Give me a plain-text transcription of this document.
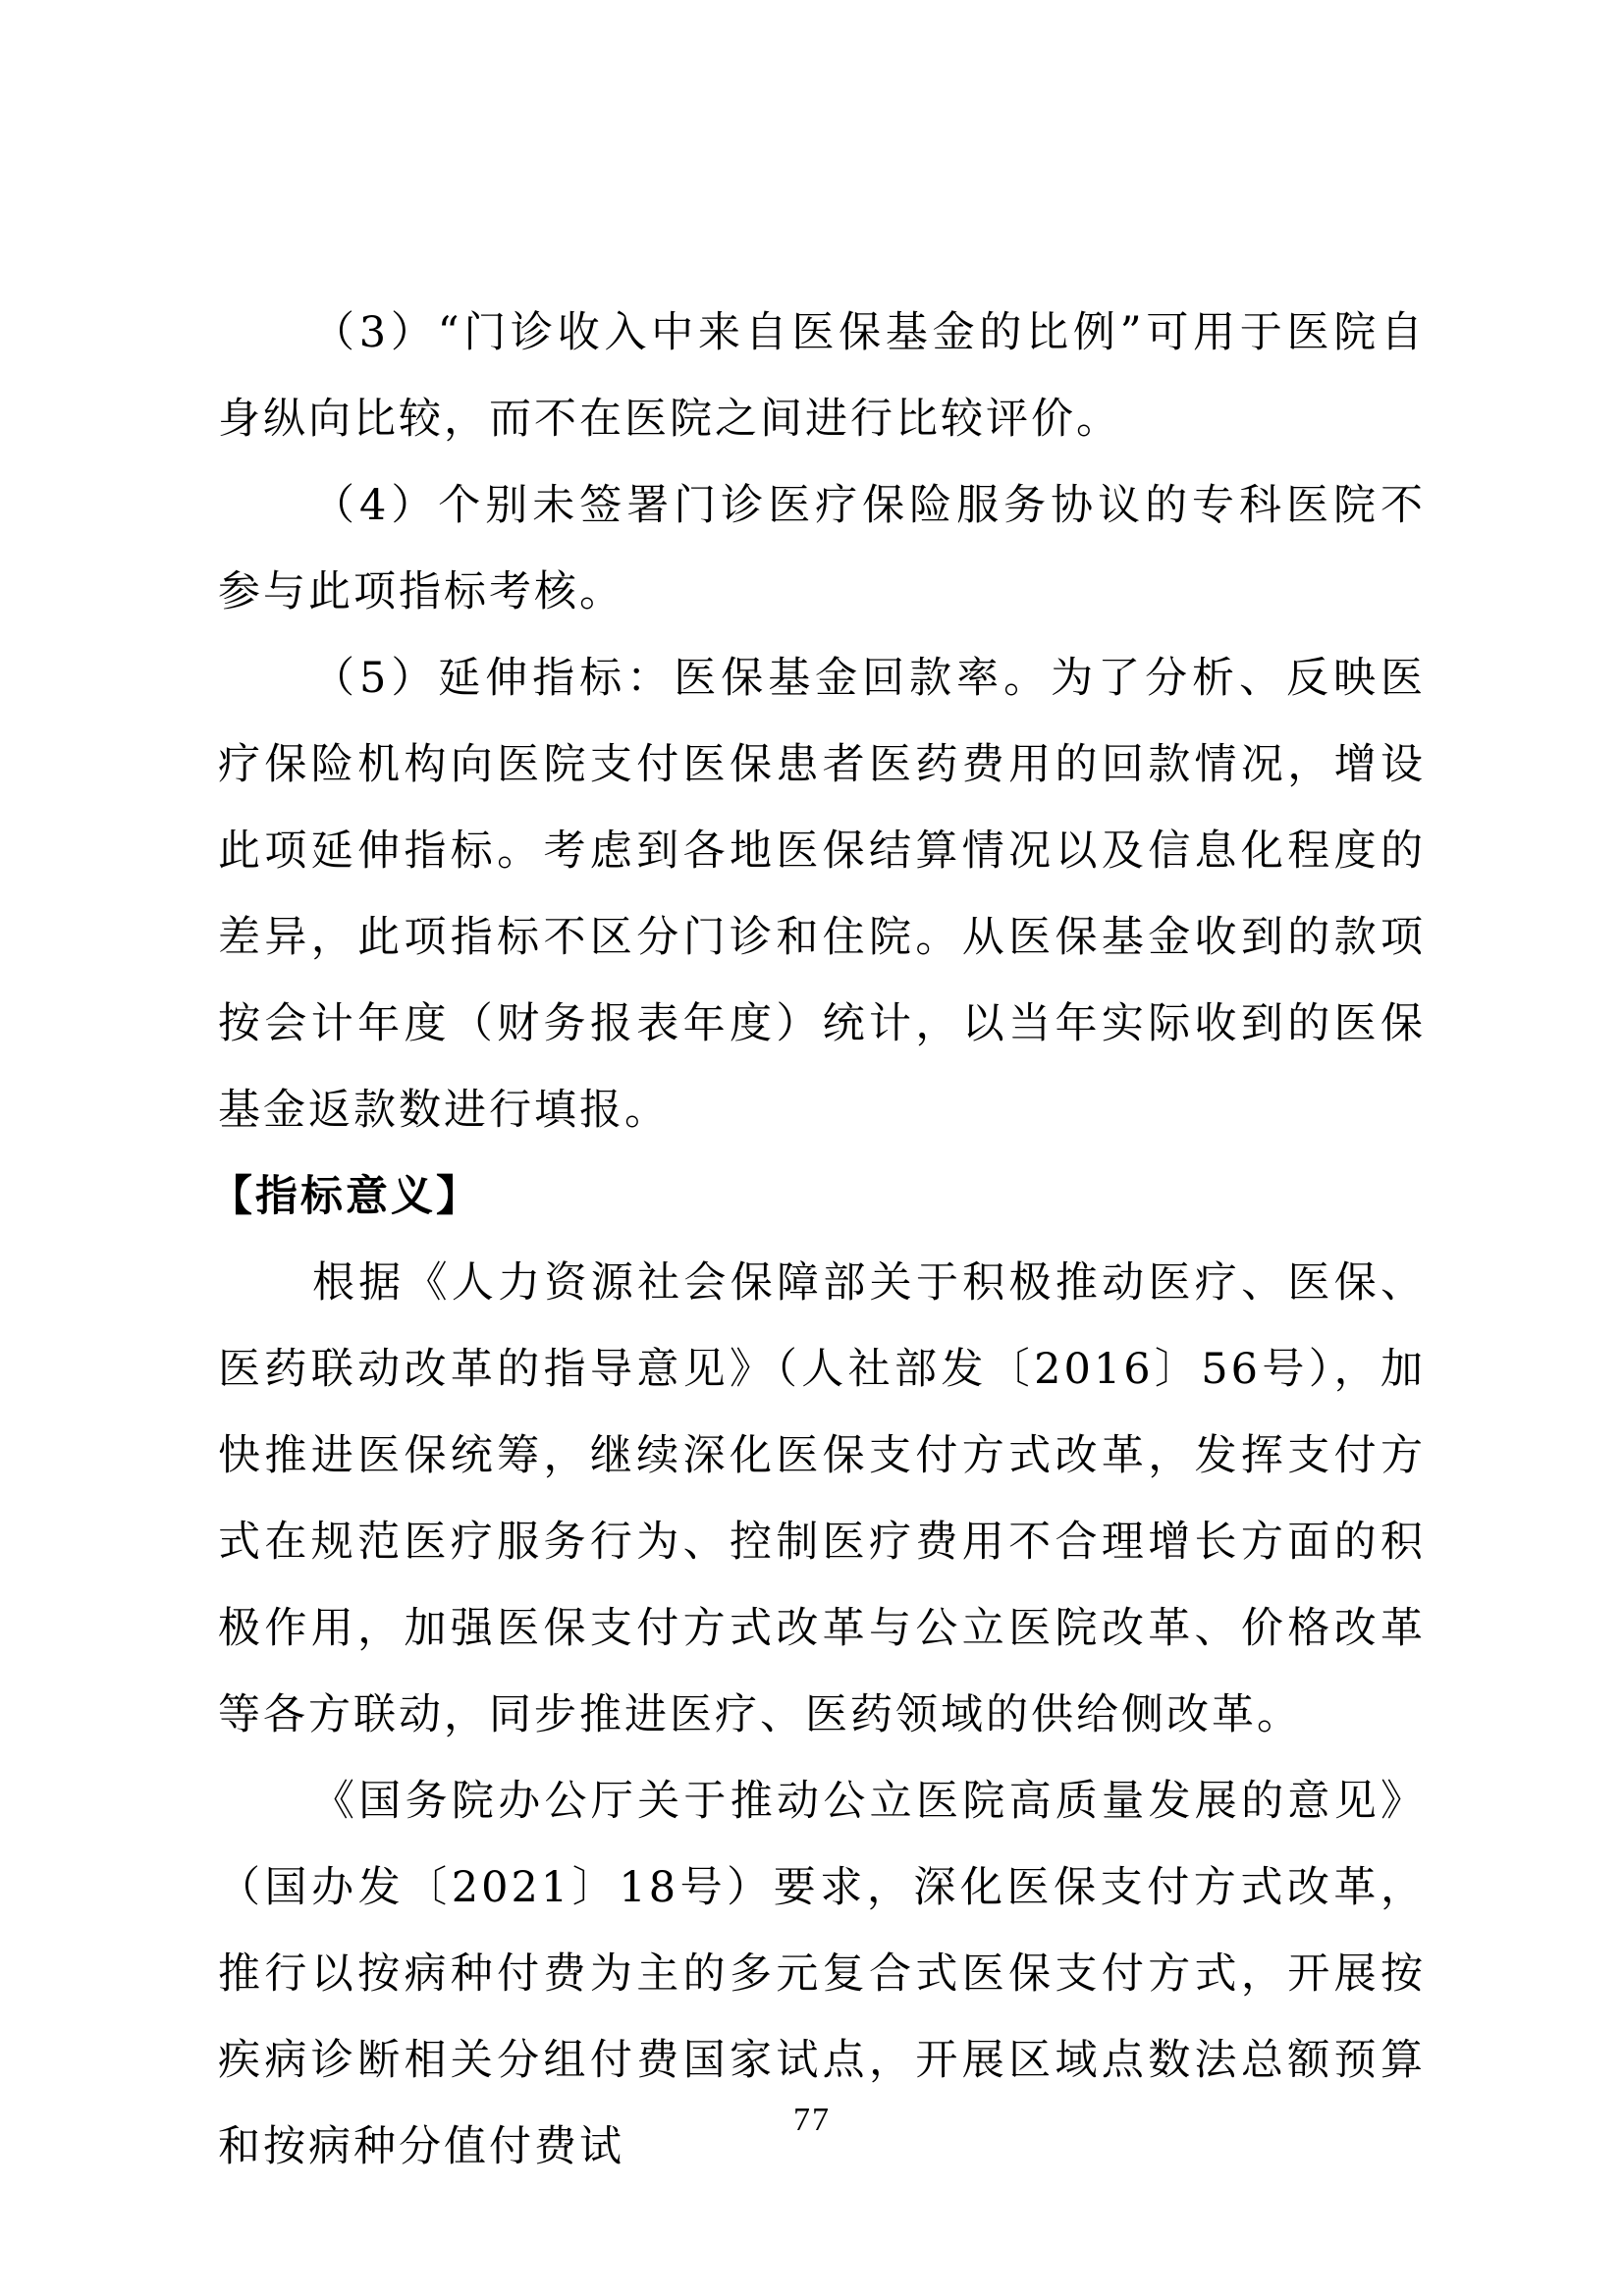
（3）“门诊收入中来自医保基金的比例”可用于医院自身纵向比较，而不在医院之间进行比较评价。

（4）个别未签署门诊医疗保险服务协议的专科医院不参与此项指标考核。

（5）延伸指标：医保基金回款率。为了分析、反映医疗保险机构向医院支付医保患者医药费用的回款情况，增设此项延伸指标。考虑到各地医保结算情况以及信息化程度的差异，此项指标不区分门诊和住院。从医保基金收到的款项按会计年度（财务报表年度）统计，以当年实际收到的医保基金返款数进行填报。

【指标意义】

根据《人力资源社会保障部关于积极推动医疗、医保、医药联动改革的指导意见》（人社部发〔2016〕56号），加快推进医保统筹，继续深化医保支付方式改革，发挥支付方式在规范医疗服务行为、控制医疗费用不合理增长方面的积极作用，加强医保支付方式改革与公立医院改革、价格改革等各方联动，同步推进医疗、医药领域的供给侧改革。

《国务院办公厅关于推动公立医院高质量发展的意见》（国办发〔2021〕18号）要求，深化医保支付方式改革，推行以按病种付费为主的多元复合式医保支付方式，开展按疾病诊断相关分组付费国家试点，开展区域点数法总额预算和按病种分值付费试

77
